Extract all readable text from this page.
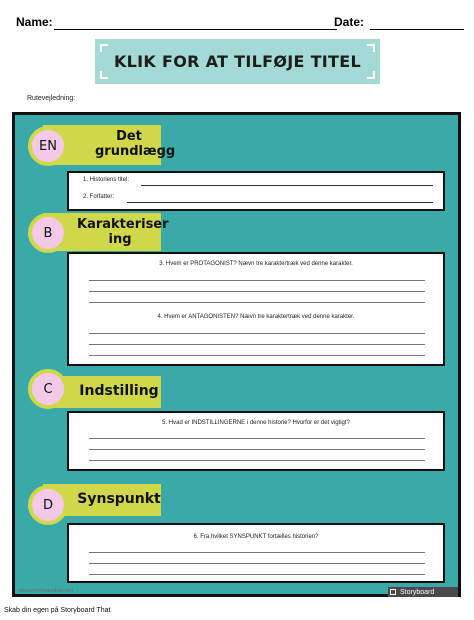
Name:	Date:
KLIK FOR AT TILFØJE TITEL
Rutevejledning:
Det grundlægg
EN
1. Historiens titel:
2. Forfatter:
Karakteriser ing
B
3. Hvem er PROTAGONIST? Nævn tre karaktertræk ved denne karakter.
4. Hvem er ANTAGONISTEN? Nævn tre karaktertræk ved denne karakter.
Indstilling
C
5. Hvad er INDSTILLINGERNE i denne historie? Hvorfor er det vigtigt?
Synspunkt
D
6. Fra hvilket SYNSPUNKT fortælles historien?
www.storyboardthat.com	Storyboard
Skab din egen på Storyboard That
